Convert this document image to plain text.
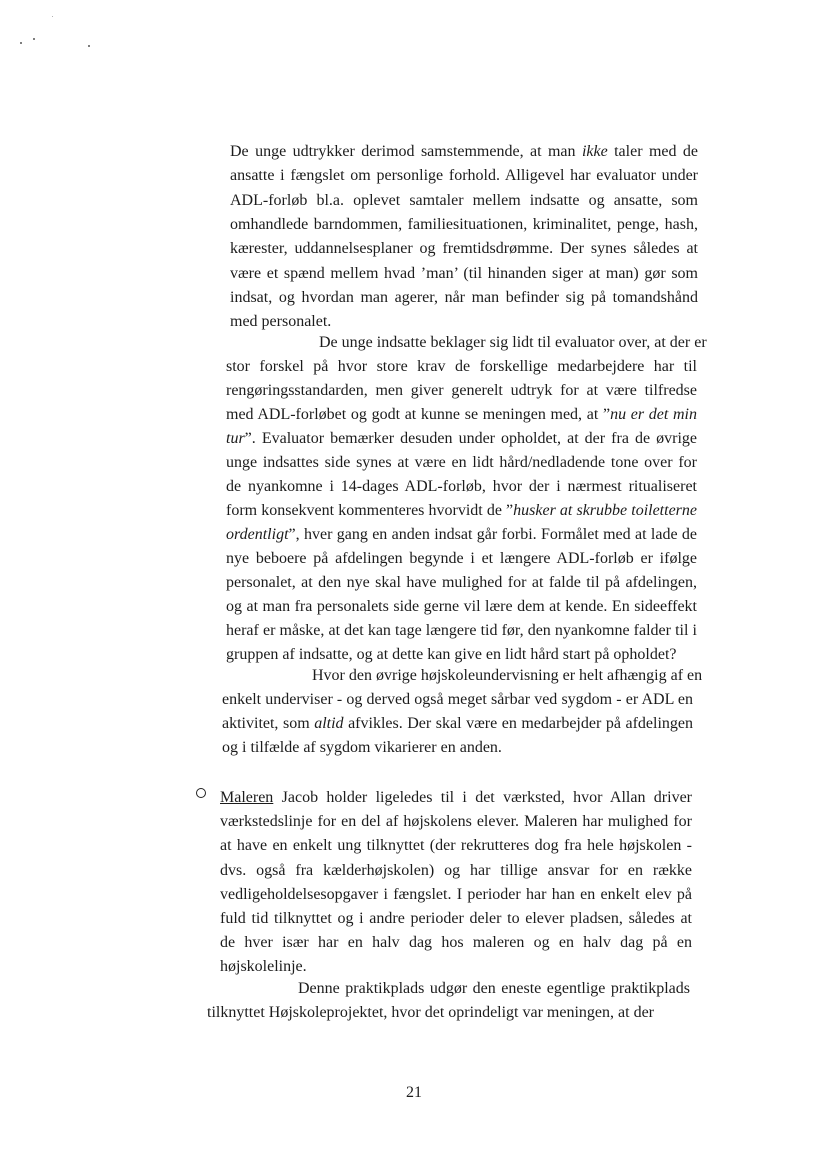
De unge udtrykker derimod samstemmende, at man ikke taler med de
ansatte i fængslet om personlige forhold. Alligevel har evaluator under
ADL-forløb bl.a. oplevet samtaler mellem indsatte og ansatte, som
omhandlede barndommen, familiesituationen, kriminalitet, penge, hash,
kærester, uddannelsesplaner og fremtidsdrømme. Der synes således at
være et spænd mellem hvad ’man’ (til hinanden siger at man) gør som
indsat, og hvordan man agerer, når man befinder sig på tomandshånd
med personalet.
De unge indsatte beklager sig lidt til evaluator over, at der er
stor forskel på hvor store krav de forskellige medarbejdere har til
rengøringsstandarden, men giver generelt udtryk for at være tilfredse
med ADL-forløbet og godt at kunne se meningen med, at ”nu er det min
tur”. Evaluator bemærker desuden under opholdet, at der fra de øvrige
unge indsattes side synes at være en lidt hård/nedladende tone over for
de nyankomne i 14-dages ADL-forløb, hvor der i nærmest ritualiseret
form konsekvent kommenteres hvorvidt de ”husker at skrubbe toiletterne
ordentligt”, hver gang en anden indsat går forbi. Formålet med at lade de
nye beboere på afdelingen begynde i et længere ADL-forløb er ifølge
personalet, at den nye skal have mulighed for at falde til på afdelingen,
og at man fra personalets side gerne vil lære dem at kende. En sideeffekt
heraf er måske, at det kan tage længere tid før, den nyankomne falder til i
gruppen af indsatte, og at dette kan give en lidt hård start på opholdet?
Hvor den øvrige højskoleundervisning er helt afhængig af en
enkelt underviser - og derved også meget sårbar ved sygdom - er ADL en
aktivitet, som altid afvikles. Der skal være en medarbejder på afdelingen
og i tilfælde af sygdom vikarierer en anden.
Maleren Jacob holder ligeledes til i det værksted, hvor Allan driver
værkstedslinje for en del af højskolens elever. Maleren har mulighed for
at have en enkelt ung tilknyttet (der rekrutteres dog fra hele højskolen -
dvs. også fra kælderhøjskolen) og har tillige ansvar for en række
vedligeholdelsesopgaver i fængslet. I perioder har han en enkelt elev på
fuld tid tilknyttet og i andre perioder deler to elever pladsen, således at
de hver især har en halv dag hos maleren og en halv dag på en
højskolelinje.
Denne praktikplads udgør den eneste egentlige praktikplads
tilknyttet Højskoleprojektet, hvor det oprindeligt var meningen, at der
21
